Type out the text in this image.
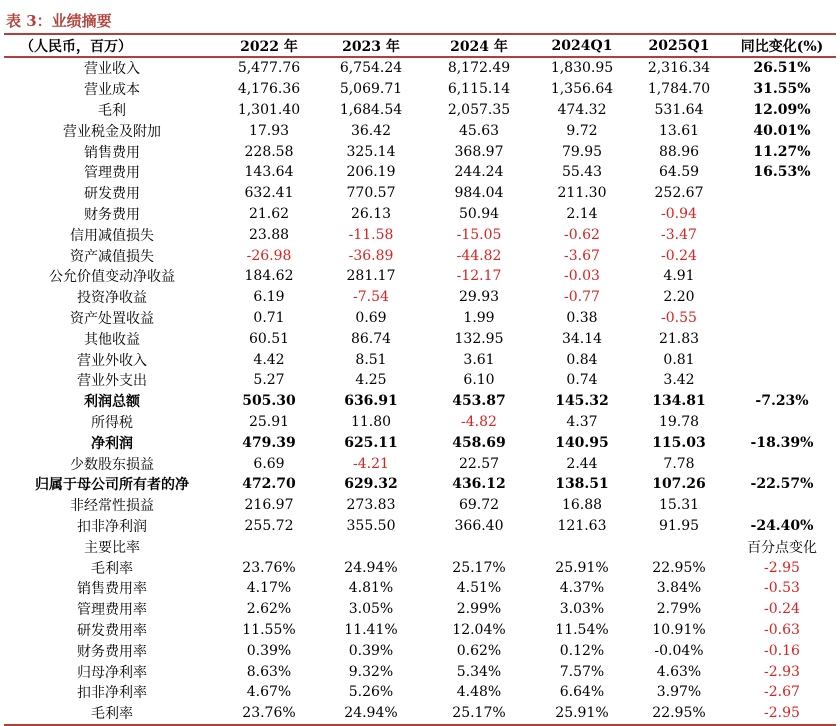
表 3：业绩摘要
（人民币，百万）	2022 年	2023 年	2024 年	2024Q1	2025Q1	同比变化(%)
营业收入	5,477.76	6,754.24	8,172.49	1,830.95	2,316.34	26.51%
营业成本	4,176.36	5,069.71	6,115.14	1,356.64	1,784.70	31.55%
毛利	1,301.40	1,684.54	2,057.35	474.32	531.64	12.09%
营业税金及附加	17.93	36.42	45.63	9.72	13.61	40.01%
销售费用	228.58	325.14	368.97	79.95	88.96	11.27%
管理费用	143.64	206.19	244.24	55.43	64.59	16.53%
研发费用	632.41	770.57	984.04	211.30	252.67	
财务费用	21.62	26.13	50.94	2.14	-0.94	
信用减值损失	23.88	-11.58	-15.05	-0.62	-3.47	
资产减值损失	-26.98	-36.89	-44.82	-3.67	-0.24	
公允价值变动净收益	184.62	281.17	-12.17	-0.03	4.91	
投资净收益	6.19	-7.54	29.93	-0.77	2.20	
资产处置收益	0.71	0.69	1.99	0.38	-0.55	
其他收益	60.51	86.74	132.95	34.14	21.83	
营业外收入	4.42	8.51	3.61	0.84	0.81	
营业外支出	5.27	4.25	6.10	0.74	3.42	
利润总额	505.30	636.91	453.87	145.32	134.81	-7.23%
所得税	25.91	11.80	-4.82	4.37	19.78	
净利润	479.39	625.11	458.69	140.95	115.03	-18.39%
少数股东损益	6.69	-4.21	22.57	2.44	7.78	
归属于母公司所有者的净	472.70	629.32	436.12	138.51	107.26	-22.57%
非经常性损益	216.97	273.83	69.72	16.88	15.31	
扣非净利润	255.72	355.50	366.40	121.63	91.95	-24.40%
主要比率						百分点变化
毛利率	23.76%	24.94%	25.17%	25.91%	22.95%	-2.95
销售费用率	4.17%	4.81%	4.51%	4.37%	3.84%	-0.53
管理费用率	2.62%	3.05%	2.99%	3.03%	2.79%	-0.24
研发费用率	11.55%	11.41%	12.04%	11.54%	10.91%	-0.63
财务费用率	0.39%	0.39%	0.62%	0.12%	-0.04%	-0.16
归母净利率	8.63%	9.32%	5.34%	7.57%	4.63%	-2.93
扣非净利率	4.67%	5.26%	4.48%	6.64%	3.97%	-2.67
毛利率	23.76%	24.94%	25.17%	25.91%	22.95%	-2.95
